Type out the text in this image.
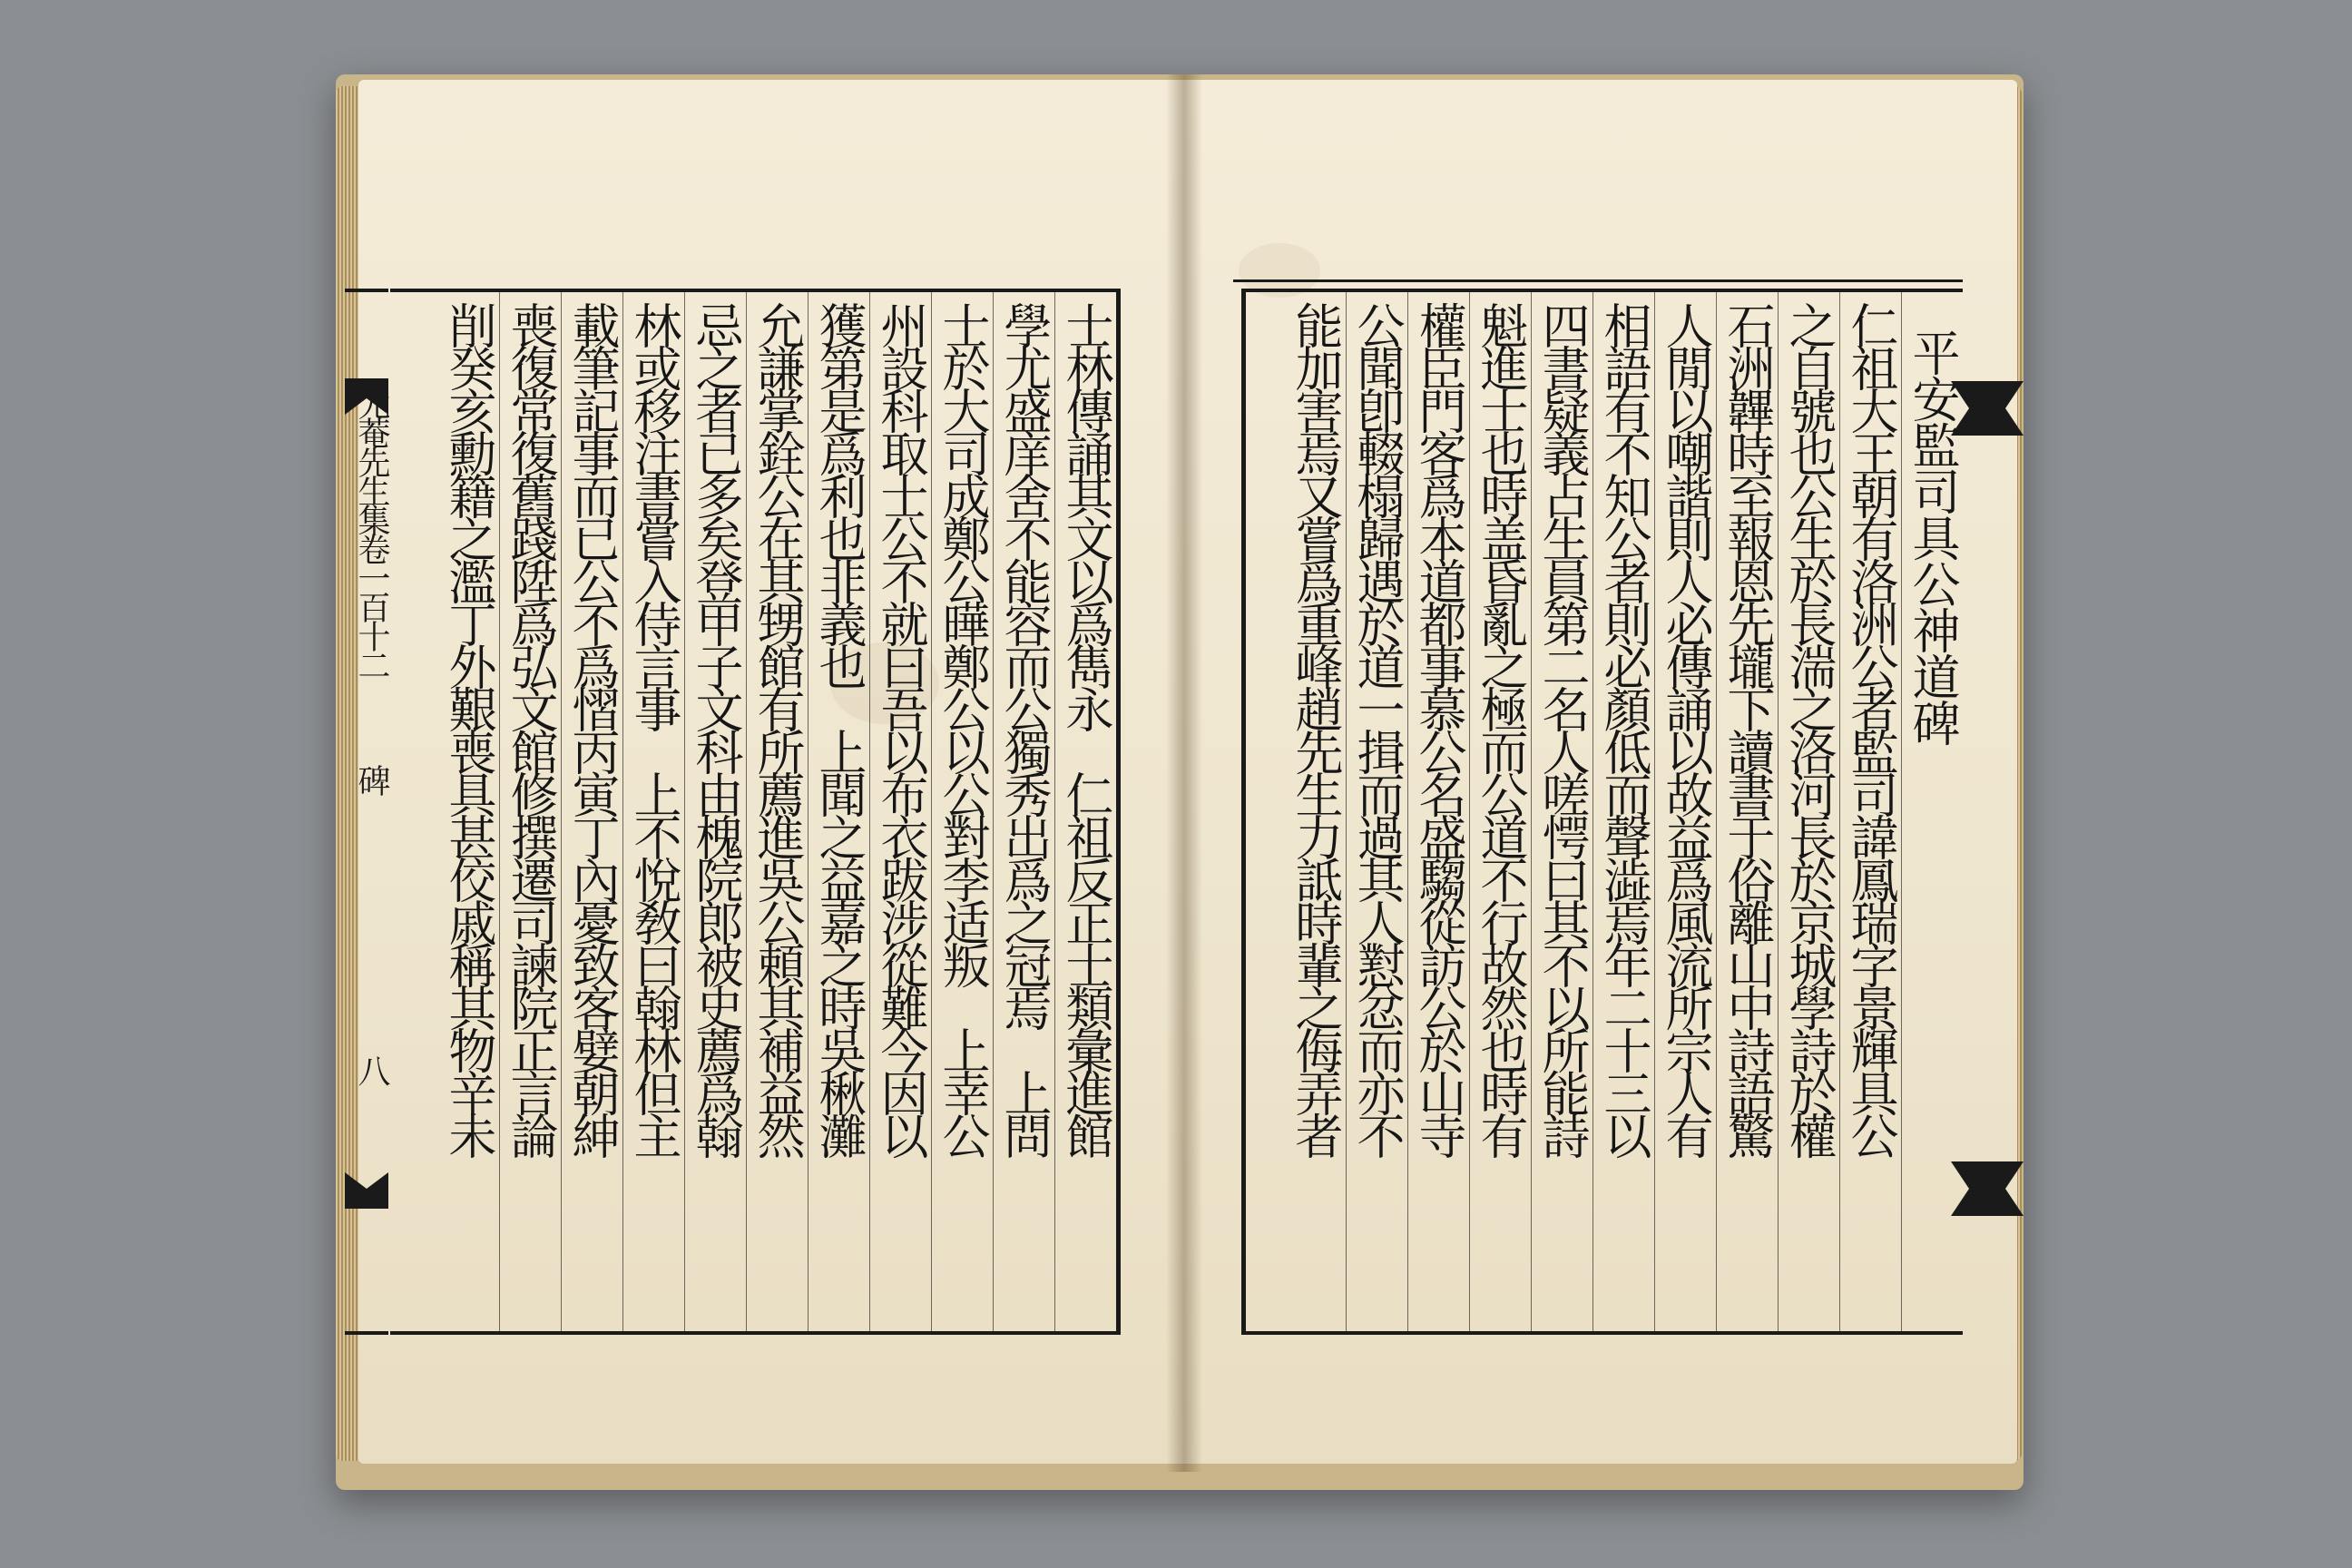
尤菴先生集卷一百十二
碑
八	士林傳誦其文以爲雋永　仁祖反正士類彙進館
學尤盛庠舍不能容而公獨秀出爲之冠焉　上問
士於大司成鄭公曄鄭公以公對李适叛　上幸公
州設科取士公不就曰吾以布衣跋涉從難今因以
獲第是爲利也非義也　上聞之益嘉之時吳楸灘
允謙掌銓公在其甥館有所薦進吳公頼其補益然
忌之者已多矣登甲子文科由槐院郎被史薦爲翰
林或移注書嘗入侍言事　上不悅敎曰翰林但主
載筆記事而已公不爲慴丙寅丁內憂致客嬖朝紳
喪復常復舊踐陞爲弘文館修撰遷司諫院正言論
削癸亥勳籍之濫丁外艱喪具甚佼戚稱其物辛未	平安監司具公神道碑
仁祖大王朝有洛洲公者監司諱鳳瑞字景輝具公
之自號也公生於長湍之洛河長於京城學詩於權
石洲韠時至報恩先壠下讀書于俗離山中詩語驚
人閒以嘲諧則人必傳誦以故益爲風流所宗人有
相語有不知公者則必顏低而聲澁焉年二十三以
四書疑義占生員第二名人嗟愕曰其不以所能詩
魁進士也時盖昏亂之極而公道不行故然也時有
權臣門客爲本道都事慕公名盛騶從訪公於山寺
公聞卽輟榻歸遇於道一揖而過其人懟忿而亦不
能加害焉又嘗爲重峰趙先生力詆時輩之侮弄者
